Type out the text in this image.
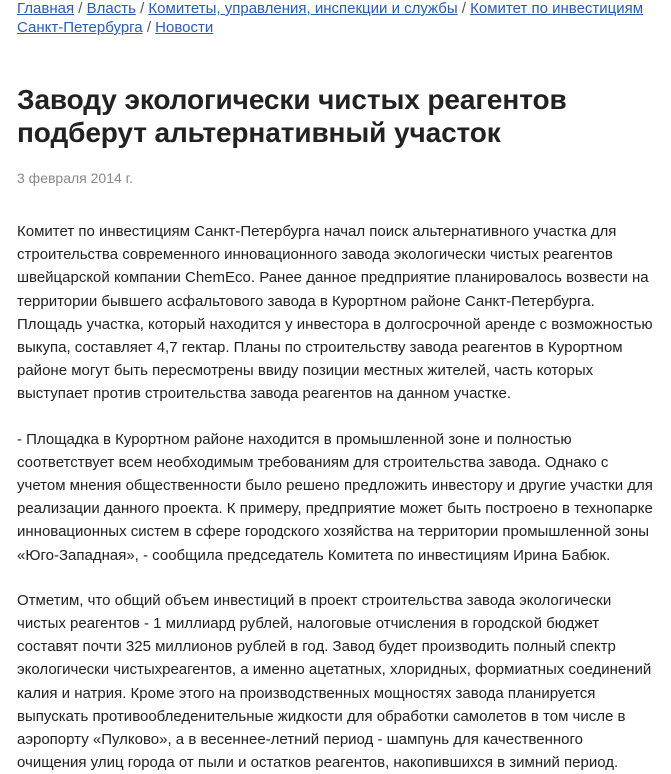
Главная / Власть / Комитеты, управления, инспекции и службы / Комитет по инвестициям Санкт-Петербурга / Новости
Заводу экологически чистых реагентов подберут альтернативный участок
3 февраля 2014 г.

Комитет по инвестициям Санкт-Петербурга начал поиск альтернативного участка для строительства современного инновационного завода экологически чистых реагентов швейцарской компании ChemEco. Ранее данное предприятие планировалось возвести на территории бывшего асфальтового завода в Курортном районе Санкт-Петербурга. Площадь участка, который находится у инвестора в долгосрочной аренде с возможностью выкупа, составляет 4,7 гектар. Планы по строительству завода реагентов в Курортном районе могут быть пересмотрены ввиду позиции местных жителей, часть которых выступает против строительства завода реагентов на данном участке.

- Площадка в Курортном районе находится в промышленной зоне и полностью соответствует всем необходимым требованиям для строительства завода. Однако с учетом мнения общественности было решено предложить инвестору и другие участки для реализации данного проекта. К примеру, предприятие может быть построено в технопарке инновационных систем в сфере городского хозяйства на территории промышленной зоны «Юго-Западная», - сообщила председатель Комитета по инвестициям Ирина Бабюк.

Отметим, что общий объем инвестиций в проект строительства завода экологически чистых реагентов - 1 миллиард рублей, налоговые отчисления в городской бюджет составят почти 325 миллионов рублей в год. Завод будет производить полный спектр экологически чистыхреагентов, а именно ацетатных, хлоридных, формиатных соединений калия и натрия. Кроме этого на производственных мощностях завода планируется выпускать противообледенительные жидкости для обработки самолетов в том числе в аэропорту «Пулково», а в весеннее-летний период - шампунь для качественного очищения улиц города от пыли и остатков реагентов, накопившихся в зимний период.
